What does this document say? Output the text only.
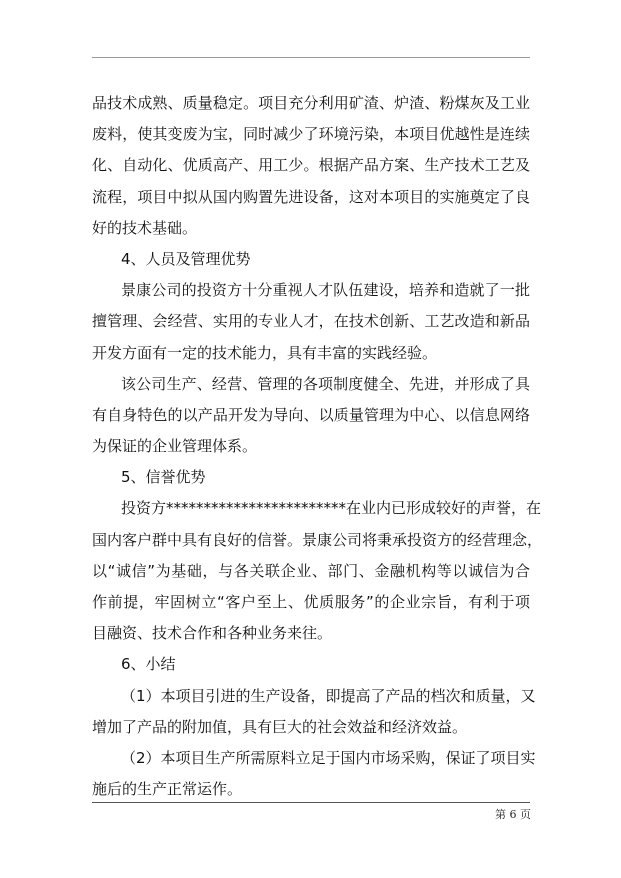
品技术成熟、质量稳定。项目充分利用矿渣、炉渣、粉煤灰及工业
废料，使其变废为宝，同时减少了环境污染，本项目优越性是连续
化、自动化、优质高产、用工少。根据产品方案、生产技术工艺及
流程，项目中拟从国内购置先进设备，这对本项目的实施奠定了良
好的技术基础。
4、人员及管理优势
景康公司的投资方十分重视人才队伍建设，培养和造就了一批
擅管理、会经营、实用的专业人才，在技术创新、工艺改造和新品
开发方面有一定的技术能力，具有丰富的实践经验。
该公司生产、经营、管理的各项制度健全、先进，并形成了具
有自身特色的以产品开发为导向、以质量管理为中心、以信息网络
为保证的企业管理体系。
5、信誉优势
投资方************************在业内已形成较好的声誉，在
国内客户群中具有良好的信誉。景康公司将秉承投资方的经营理念，
以“诚信”为基础，与各关联企业、部门、金融机构等以诚信为合
作前提，牢固树立“客户至上、优质服务”的企业宗旨，有利于项
目融资、技术合作和各种业务来往。
6、小结
（1）本项目引进的生产设备，即提高了产品的档次和质量，又
增加了产品的附加值，具有巨大的社会效益和经济效益。
（2）本项目生产所需原料立足于国内市场采购，保证了项目实
施后的生产正常运作。
第 6 页
